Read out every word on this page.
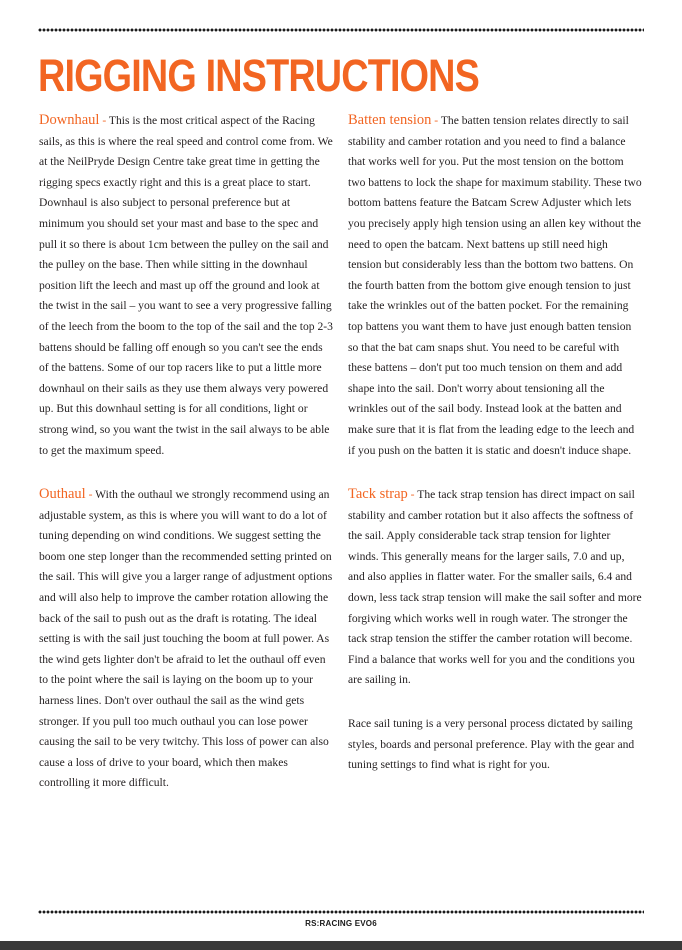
RIGGING INSTRUCTIONS

Downhaul - This is the most critical aspect of the Racing sails, as this is where the real speed and control come from. We at the NeilPryde Design Centre take great time in getting the rigging specs exactly right and this is a great place to start. Downhaul is also subject to personal preference but at minimum you should set your mast and base to the spec and pull it so there is about 1cm between the pulley on the sail and the pulley on the base. Then while sitting in the downhaul position lift the leech and mast up off the ground and look at the twist in the sail – you want to see a very progressive falling of the leech from the boom to the top of the sail and the top 2-3 battens should be falling off enough so you can't see the ends of the battens. Some of our top racers like to put a little more downhaul on their sails as they use them always very powered up. But this downhaul setting is for all conditions, light or strong wind, so you want the twist in the sail always to be able to get the maximum speed.

Outhaul - With the outhaul we strongly recommend using an adjustable system, as this is where you will want to do a lot of tuning depending on wind conditions. We suggest setting the boom one step longer than the recommended setting printed on the sail. This will give you a larger range of adjustment options and will also help to improve the camber rotation allowing the back of the sail to push out as the draft is rotating. The ideal setting is with the sail just touching the boom at full power. As the wind gets lighter don't be afraid to let the outhaul off even to the point where the sail is laying on the boom up to your harness lines. Don't over outhaul the sail as the wind gets stronger. If you pull too much outhaul you can lose power causing the sail to be very twitchy. This loss of power can also cause a loss of drive to your board, which then makes controlling it more difficult.

Batten tension - The batten tension relates directly to sail stability and camber rotation and you need to find a balance that works well for you. Put the most tension on the bottom two battens to lock the shape for maximum stability. These two bottom battens feature the Batcam Screw Adjuster which lets you precisely apply high tension using an allen key without the need to open the batcam. Next battens up still need high tension but considerably less than the bottom two battens. On the fourth batten from the bottom give enough tension to just take the wrinkles out of the batten pocket. For the remaining top battens you want them to have just enough batten tension so that the bat cam snaps shut. You need to be careful with these battens – don't put too much tension on them and add shape into the sail. Don't worry about tensioning all the wrinkles out of the sail body. Instead look at the batten and make sure that it is flat from the leading edge to the leech and if you push on the batten it is static and doesn't induce shape.

Tack strap - The tack strap tension has direct impact on sail stability and camber rotation but it also affects the softness of the sail. Apply considerable tack strap tension for lighter winds. This generally means for the larger sails, 7.0 and up, and also applies in flatter water. For the smaller sails, 6.4 and down, less tack strap tension will make the sail softer and more forgiving which works well in rough water. The stronger the tack strap tension the stiffer the camber rotation will become. Find a balance that works well for you and the conditions you are sailing in.

Race sail tuning is a very personal process dictated by sailing styles, boards and personal preference. Play with the gear and tuning settings to find what is right for you.

RS:RACING EVO6
